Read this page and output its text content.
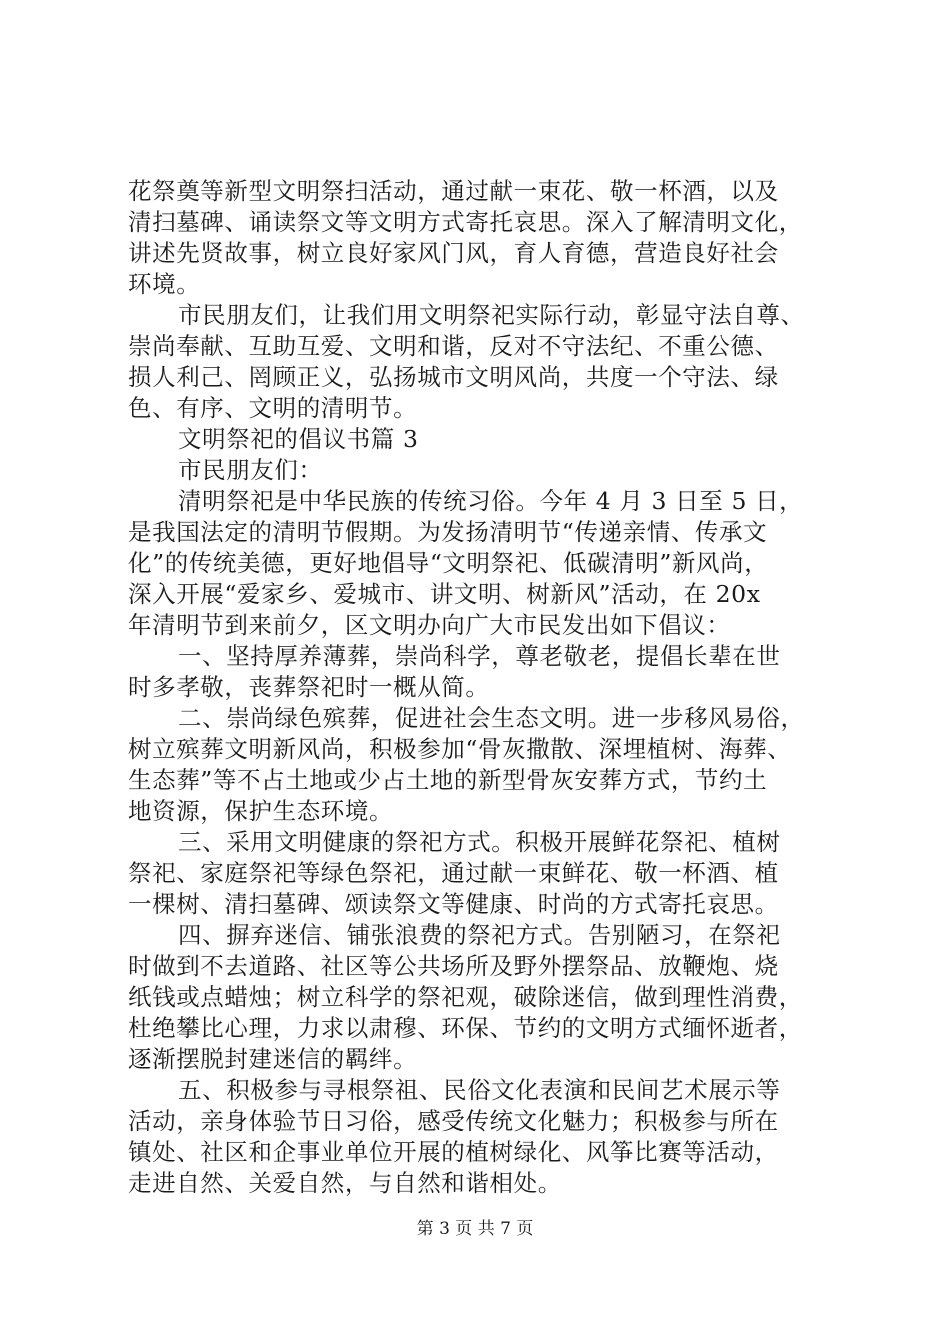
花祭奠等新型文明祭扫活动，通过献一束花、敬一杯酒，以及

清扫墓碑、诵读祭文等文明方式寄托哀思。深入了解清明文化，

讲述先贤故事，树立良好家风门风，育人育德，营造良好社会

环境。

市民朋友们，让我们用文明祭祀实际行动，彰显守法自尊、

崇尚奉献、互助互爱、文明和谐，反对不守法纪、不重公德、

损人利己、罔顾正义，弘扬城市文明风尚，共度一个守法、绿

色、有序、文明的清明节。

文明祭祀的倡议书篇 3

市民朋友们：

清明祭祀是中华民族的传统习俗。今年 4 月 3 日至 5 日，

是我国法定的清明节假期。为发扬清明节“传递亲情、传承文

化”的传统美德，更好地倡导“文明祭祀、低碳清明”新风尚，

深入开展“爱家乡、爱城市、讲文明、树新风”活动，在 20x

年清明节到来前夕，区文明办向广大市民发出如下倡议：

一、坚持厚养薄葬，崇尚科学，尊老敬老，提倡长辈在世

时多孝敬，丧葬祭祀时一概从简。

二、崇尚绿色殡葬，促进社会生态文明。进一步移风易俗，

树立殡葬文明新风尚，积极参加“骨灰撒散、深埋植树、海葬、

生态葬”等不占土地或少占土地的新型骨灰安葬方式，节约土

地资源，保护生态环境。

三、采用文明健康的祭祀方式。积极开展鲜花祭祀、植树

祭祀、家庭祭祀等绿色祭祀，通过献一束鲜花、敬一杯酒、植

一棵树、清扫墓碑、颂读祭文等健康、时尚的方式寄托哀思。

四、摒弃迷信、铺张浪费的祭祀方式。告别陋习，在祭祀

时做到不去道路、社区等公共场所及野外摆祭品、放鞭炮、烧

纸钱或点蜡烛；树立科学的祭祀观，破除迷信，做到理性消费，

杜绝攀比心理，力求以肃穆、环保、节约的文明方式缅怀逝者，

逐渐摆脱封建迷信的羁绊。

五、积极参与寻根祭祖、民俗文化表演和民间艺术展示等

活动，亲身体验节日习俗，感受传统文化魅力；积极参与所在

镇处、社区和企事业单位开展的植树绿化、风筝比赛等活动，

走进自然、关爱自然，与自然和谐相处。

第 3 页 共 7 页
